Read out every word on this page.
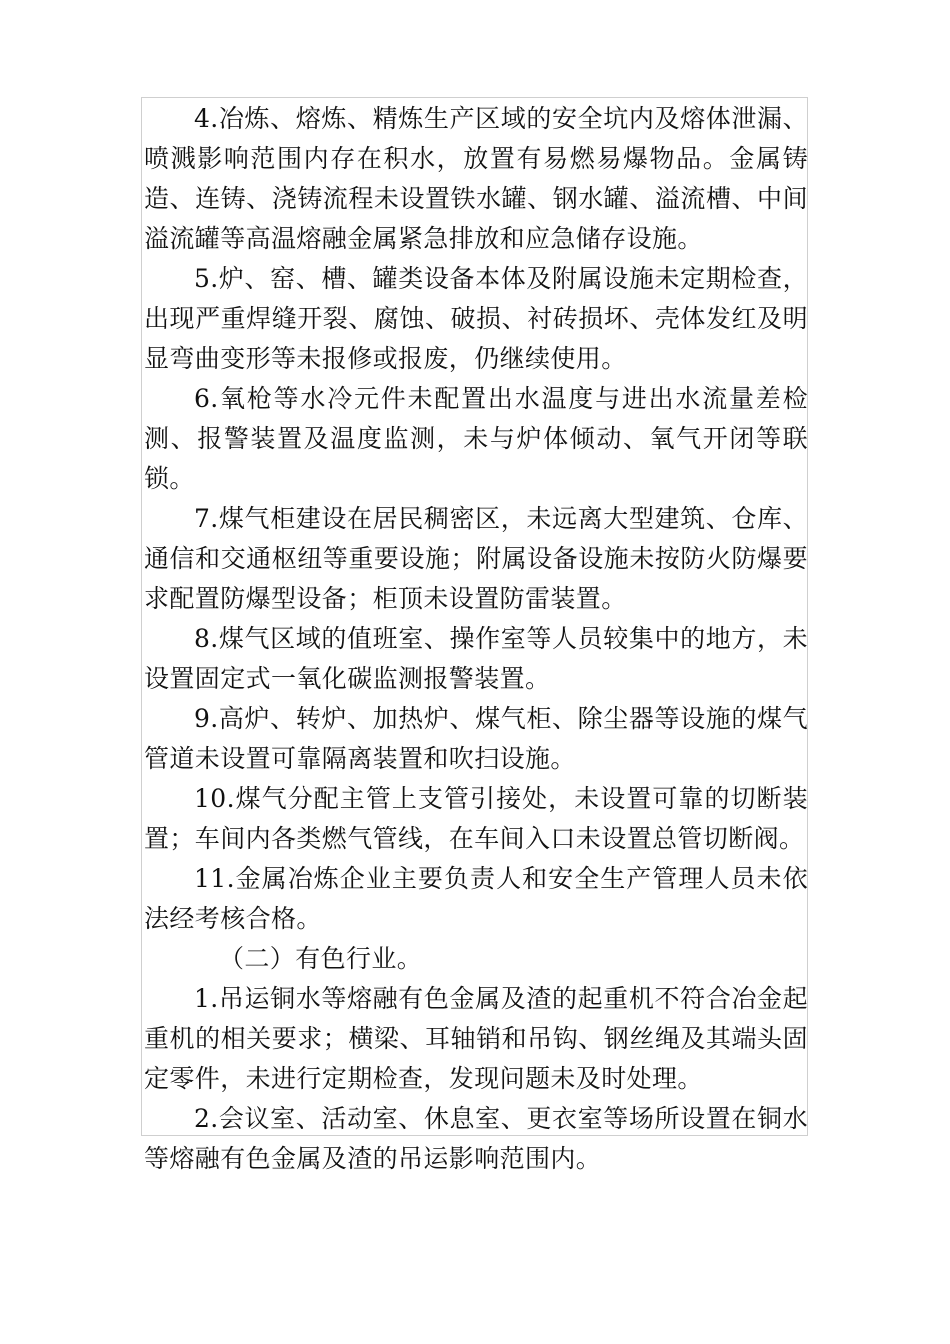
4.冶炼、熔炼、精炼生产区域的安全坑内及熔体泄漏、喷溅影响范围内存在积水，放置有易燃易爆物品。金属铸造、连铸、浇铸流程未设置铁水罐、钢水罐、溢流槽、中间溢流罐等高温熔融金属紧急排放和应急储存设施。

5.炉、窑、槽、罐类设备本体及附属设施未定期检查，出现严重焊缝开裂、腐蚀、破损、衬砖损坏、壳体发红及明显弯曲变形等未报修或报废，仍继续使用。

6.氧枪等水冷元件未配置出水温度与进出水流量差检测、报警装置及温度监测，未与炉体倾动、氧气开闭等联锁。

7.煤气柜建设在居民稠密区，未远离大型建筑、仓库、通信和交通枢纽等重要设施；附属设备设施未按防火防爆要求配置防爆型设备；柜顶未设置防雷装置。

8.煤气区域的值班室、操作室等人员较集中的地方，未设置固定式一氧化碳监测报警装置。

9.高炉、转炉、加热炉、煤气柜、除尘器等设施的煤气管道未设置可靠隔离装置和吹扫设施。

10.煤气分配主管上支管引接处，未设置可靠的切断装置；车间内各类燃气管线，在车间入口未设置总管切断阀。

11.金属冶炼企业主要负责人和安全生产管理人员未依法经考核合格。

（二）有色行业。

1.吊运铜水等熔融有色金属及渣的起重机不符合冶金起重机的相关要求；横梁、耳轴销和吊钩、钢丝绳及其端头固定零件，未进行定期检查，发现问题未及时处理。

2.会议室、活动室、休息室、更衣室等场所设置在铜水等熔融有色金属及渣的吊运影响范围内。
